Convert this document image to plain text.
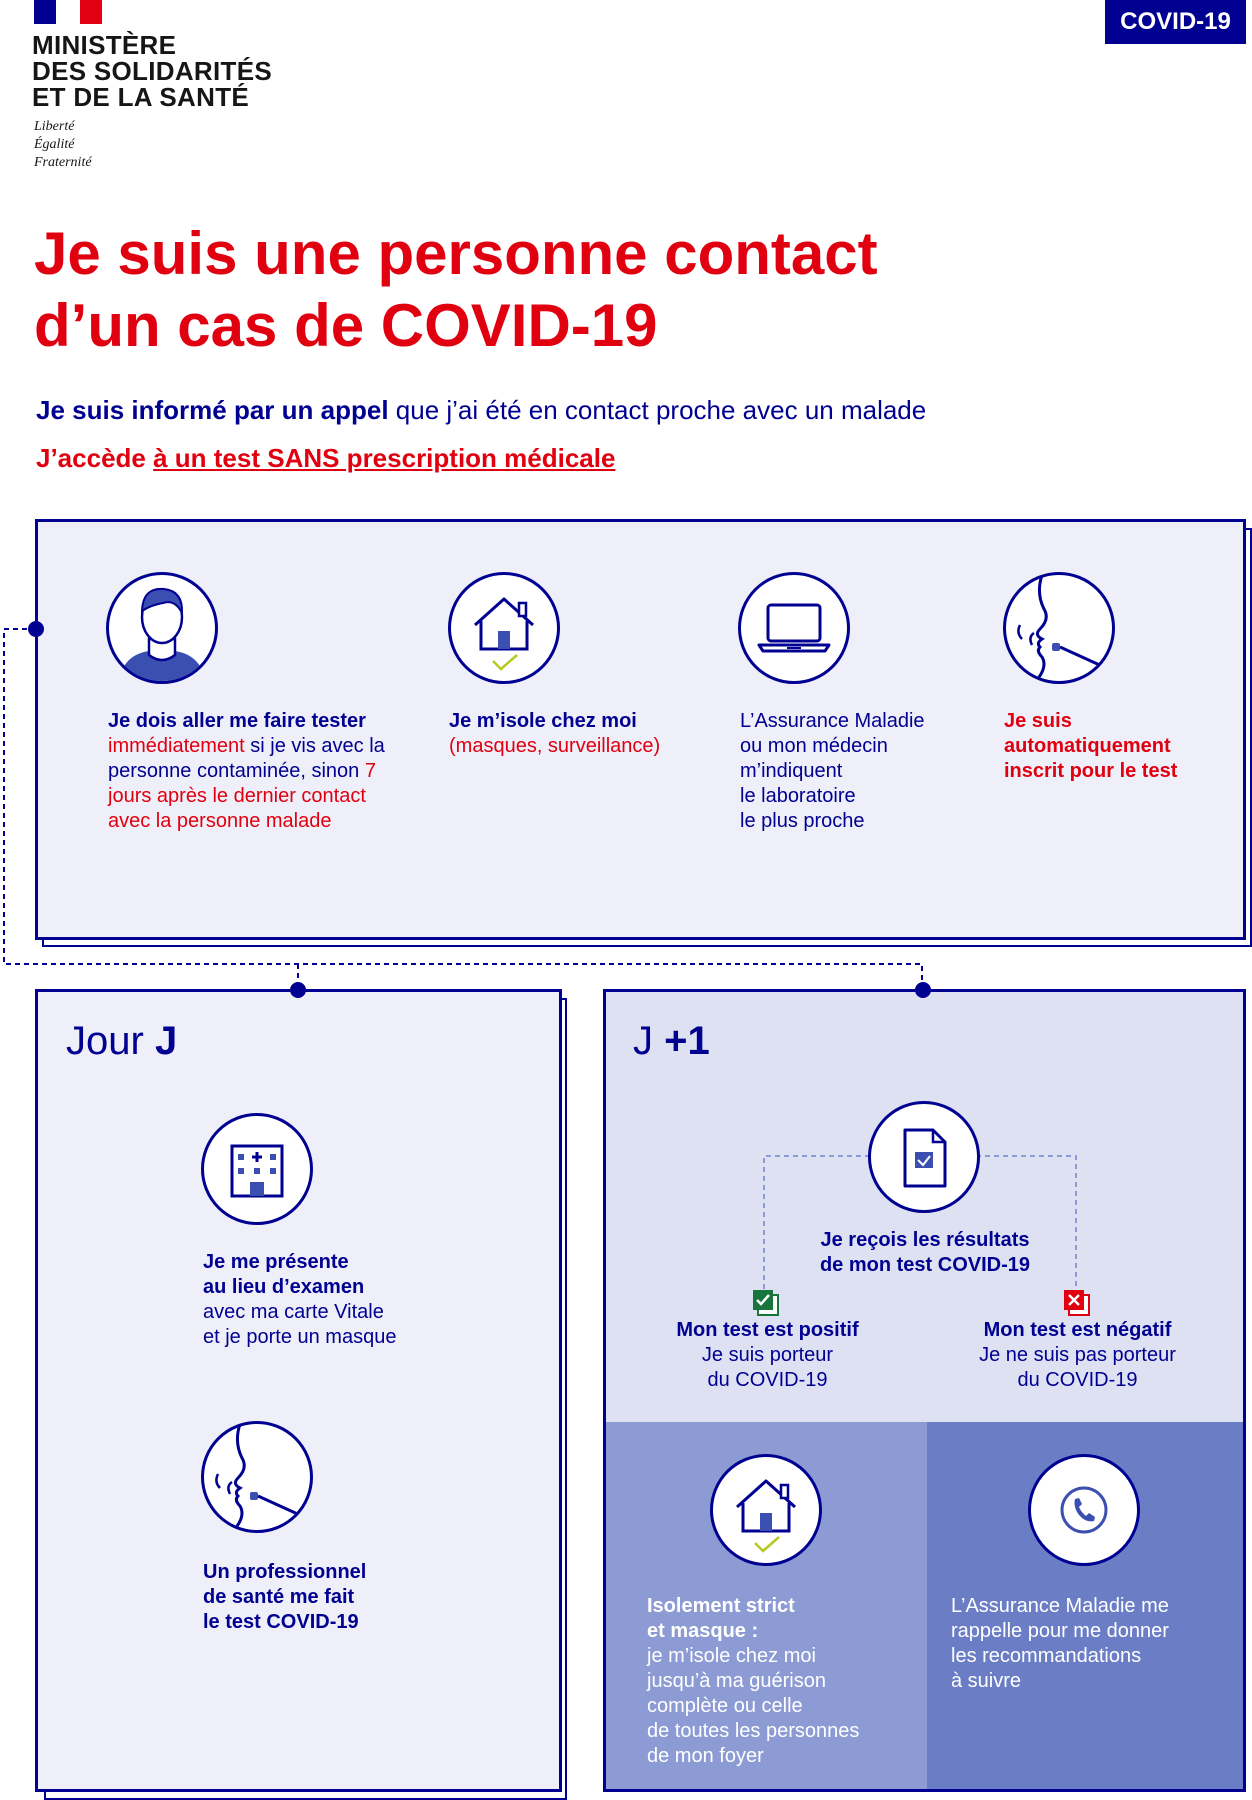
MINISTÈRE
DES SOLIDARITÉS
ET DE LA SANTÉ
Liberté
Égalité
Fraternité
COVID-19
Je suis une personne contact
d’un cas de COVID-19
Je suis informé par un appel que j’ai été en contact proche avec un malade
J’accède à un test SANS prescription médicale
Je dois aller me faire tester
immédiatement si je vis avec la personne contaminée, sinon 7 jours après le dernier contact avec la personne malade
Je m’isole chez moi
(masques, surveillance)
L’Assurance Maladie
ou mon médecin
m’indiquent
le laboratoire
le plus proche
Je suis
automatiquement
inscrit pour le test
Jour J
Je me présente
au lieu d’examen
avec ma carte Vitale
et je porte un masque
Un professionnel
de santé me fait
le test COVID-19
J +1
Je reçois les résultats
de mon test COVID-19
Mon test est positif
Je suis porteur
du COVID-19
Mon test est négatif
Je ne suis pas porteur
du COVID-19
Isolement strict
et masque :
je m’isole chez moi
jusqu’à ma guérison
complète ou celle
de toutes les personnes
de mon foyer
L’Assurance Maladie me
rappelle pour me donner
les recommandations
à suivre
